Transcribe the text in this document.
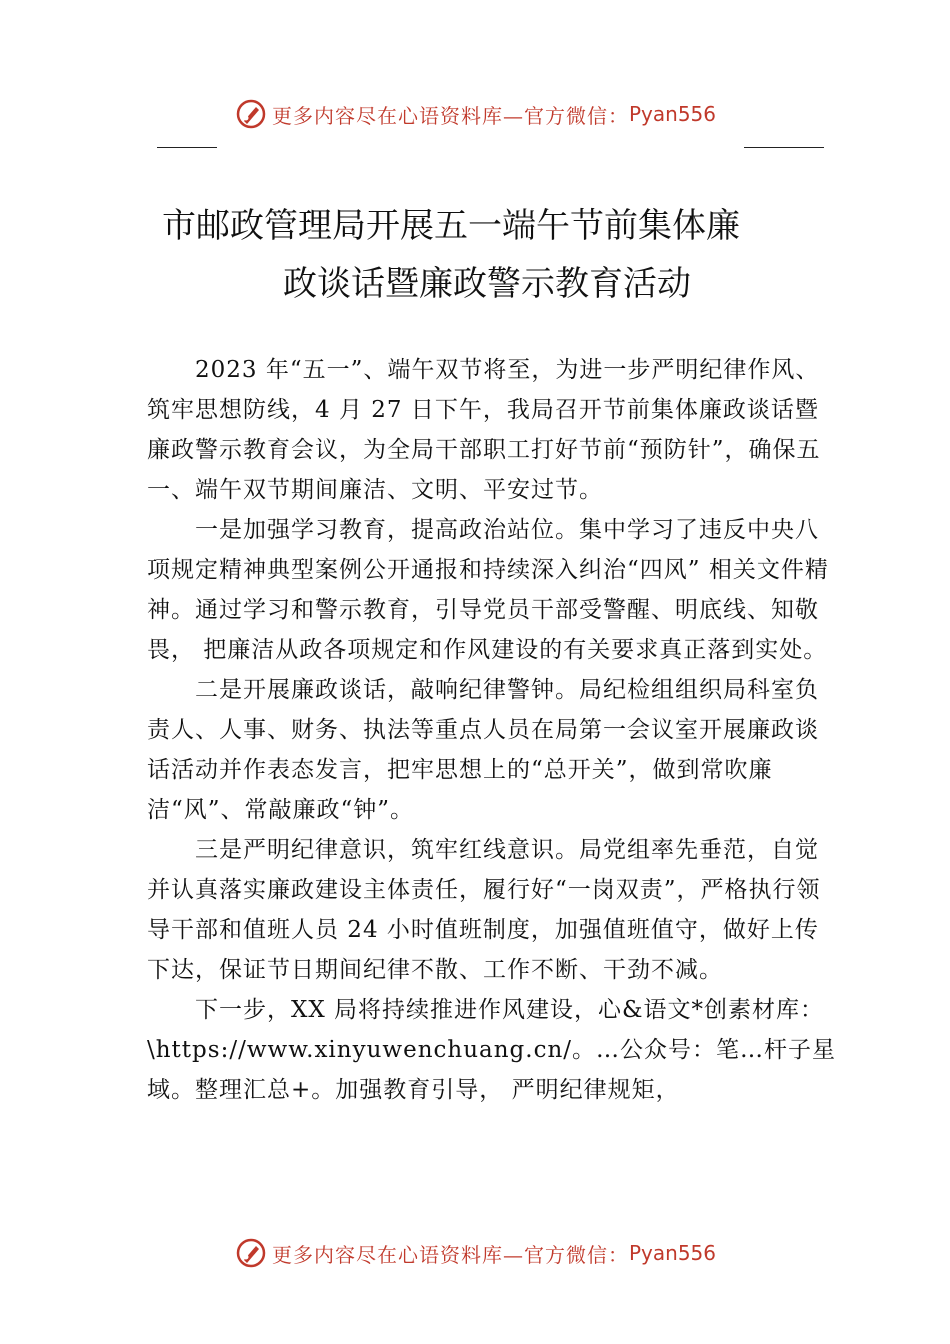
更多内容尽在心语资料库—官方微信： Pyan556
市邮政管理局开展五一端午节前集体廉
政谈话暨廉政警示教育活动

2023 年“五一”、端午双节将至，为进一步严明纪律作风、筑牢思想防线，4 月 27 日下午，我局召开节前集体廉政谈话暨廉政警示教育会议，为全局干部职工打好节前“预防针”，确保五一、端午双节期间廉洁、文明、平安过节。

一是加强学习教育，提高政治站位。集中学习了违反中央八项规定精神典型案例公开通报和持续深入纠治“四风” 相关文件精神。通过学习和警示教育，引导党员干部受警醒、明底线、知敬畏， 把廉洁从政各项规定和作风建设的有关要求真正落到实处。

二是开展廉政谈话，敲响纪律警钟。局纪检组组织局科室负责人、人事、财务、执法等重点人员在局第一会议室开展廉政谈话活动并作表态发言，把牢思想上的“总开关”，做到常吹廉洁“风”、常敲廉政“钟”。

三是严明纪律意识，筑牢红线意识。局党组率先垂范，自觉并认真落实廉政建设主体责任，履行好“一岗双责”，严格执行领导干部和值班人员 24 小时值班制度，加强值班值守，做好上传下达，保证节日期间纪律不散、工作不断、干劲不减。

下一步，XX 局将持续推进作风建设，心&语文*创素材库：\https://www.xinyuwenchuang.cn/。…公众号：笔…杆子星域。整理汇总+。加强教育引导， 严明纪律规矩，

更多内容尽在心语资料库—官方微信： Pyan556
